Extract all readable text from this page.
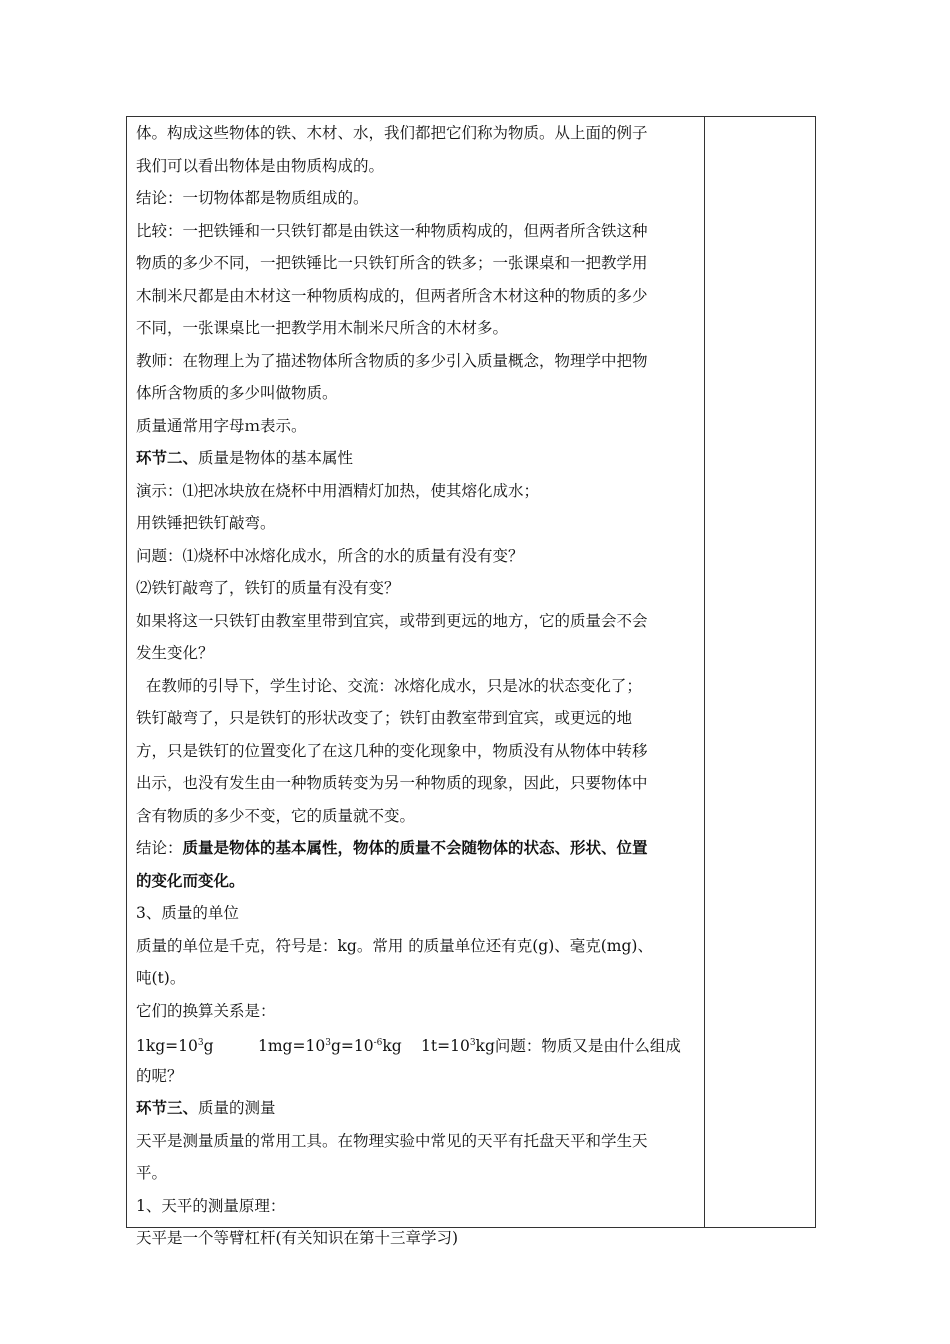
体。构成这些物体的铁、木材、水，我们都把它们称为物质。从上面的例子
我们可以看出物体是由物质构成的。
结论：一切物体都是物质组成的。
比较：一把铁锤和一只铁钉都是由铁这一种物质构成的，但两者所含铁这种
物质的多少不同，一把铁锤比一只铁钉所含的铁多；一张课桌和一把教学用
木制米尺都是由木材这一种物质构成的，但两者所含木材这种的物质的多少
不同，一张课桌比一把教学用木制米尺所含的木材多。
教师：在物理上为了描述物体所含物质的多少引入质量概念，物理学中把物
体所含物质的多少叫做物质。
质量通常用字母ｍ表示。
环节二、质量是物体的基本属性
演示：⑴把冰块放在烧杯中用酒精灯加热，使其熔化成水；
用铁锤把铁钉敲弯。
问题：⑴烧杯中冰熔化成水，所含的水的质量有没有变？
⑵铁钉敲弯了，铁钉的质量有没有变？
如果将这一只铁钉由教室里带到宜宾，或带到更远的地方，它的质量会不会
发生变化？
在教师的引导下，学生讨论、交流：冰熔化成水，只是冰的状态变化了；
铁钉敲弯了，只是铁钉的形状改变了；铁钉由教室带到宜宾，或更远的地
方，只是铁钉的位置变化了在这几种的变化现象中，物质没有从物体中转移
出示，也没有发生由一种物质转变为另一种物质的现象，因此，只要物体中
含有物质的多少不变，它的质量就不变。
结论：质量是物体的基本属性，物体的质量不会随物体的状态、形状、位置
的变化而变化。
3、质量的单位
质量的单位是千克，符号是：kg。常用 的质量单位还有克(g)、毫克(mg)、
吨(t)。
它们的换算关系是：
1kg=103g	1mg=103g=10-6kg 1t=103kg问题：物质又是由什么组成
的呢？
环节三、质量的测量
天平是测量质量的常用工具。在物理实验中常见的天平有托盘天平和学生天
平。
1、天平的测量原理：
天平是一个等臂杠杆(有关知识在第十三章学习)
